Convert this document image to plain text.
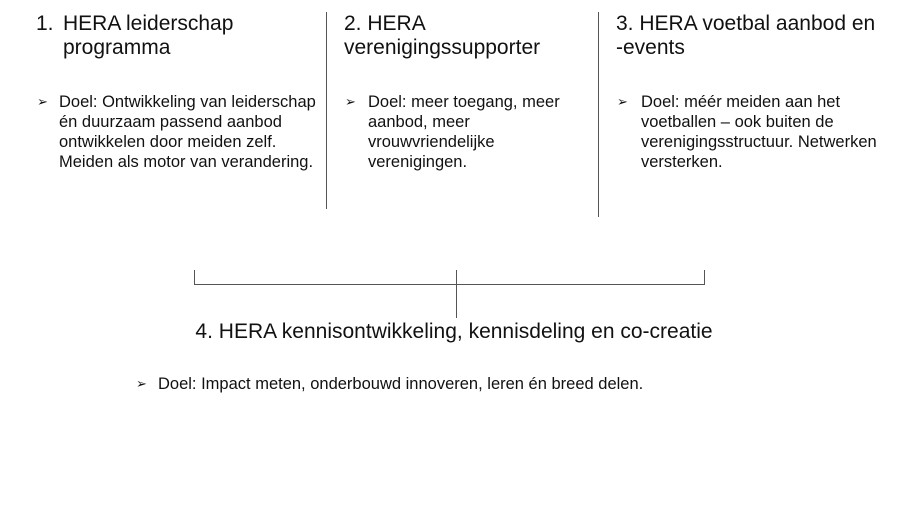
1. HERA leiderschap programma
➢ Doel: Ontwikkeling van leiderschap én duurzaam passend aanbod ontwikkelen door meiden zelf. Meiden als motor van verandering.
2. HERA verenigingssupporter
➢ Doel: meer toegang, meer aanbod, meer vrouwvriendelijke verenigingen.
3. HERA voetbal aanbod en -events
➢ Doel: méér meiden aan het voetballen – ook buiten de verenigingsstructuur. Netwerken versterken.
4. HERA kennisontwikkeling, kennisdeling en co-creatie
➢ Doel: Impact meten, onderbouwd innoveren, leren én breed delen.
